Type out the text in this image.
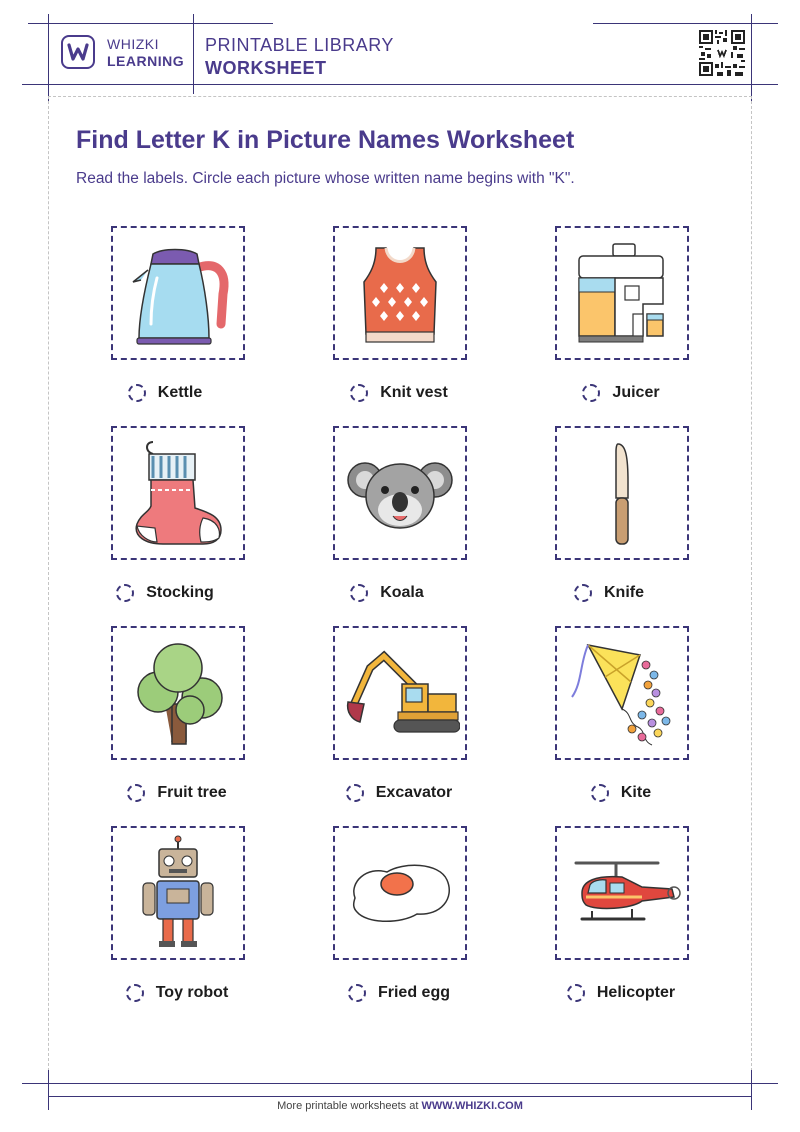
WHIZKI
LEARNING
PRINTABLE LIBRARY
WORKSHEET
Find Letter K in Picture Names Worksheet

Read the labels. Circle each picture whose written name begins with "K".

Kettle	Knit vest	Juicer
Stocking	Koala	Knife
Fruit tree	Excavator	Kite
Toy robot	Fried egg	Helicopter
More printable worksheets at WWW.WHIZKI.COM
